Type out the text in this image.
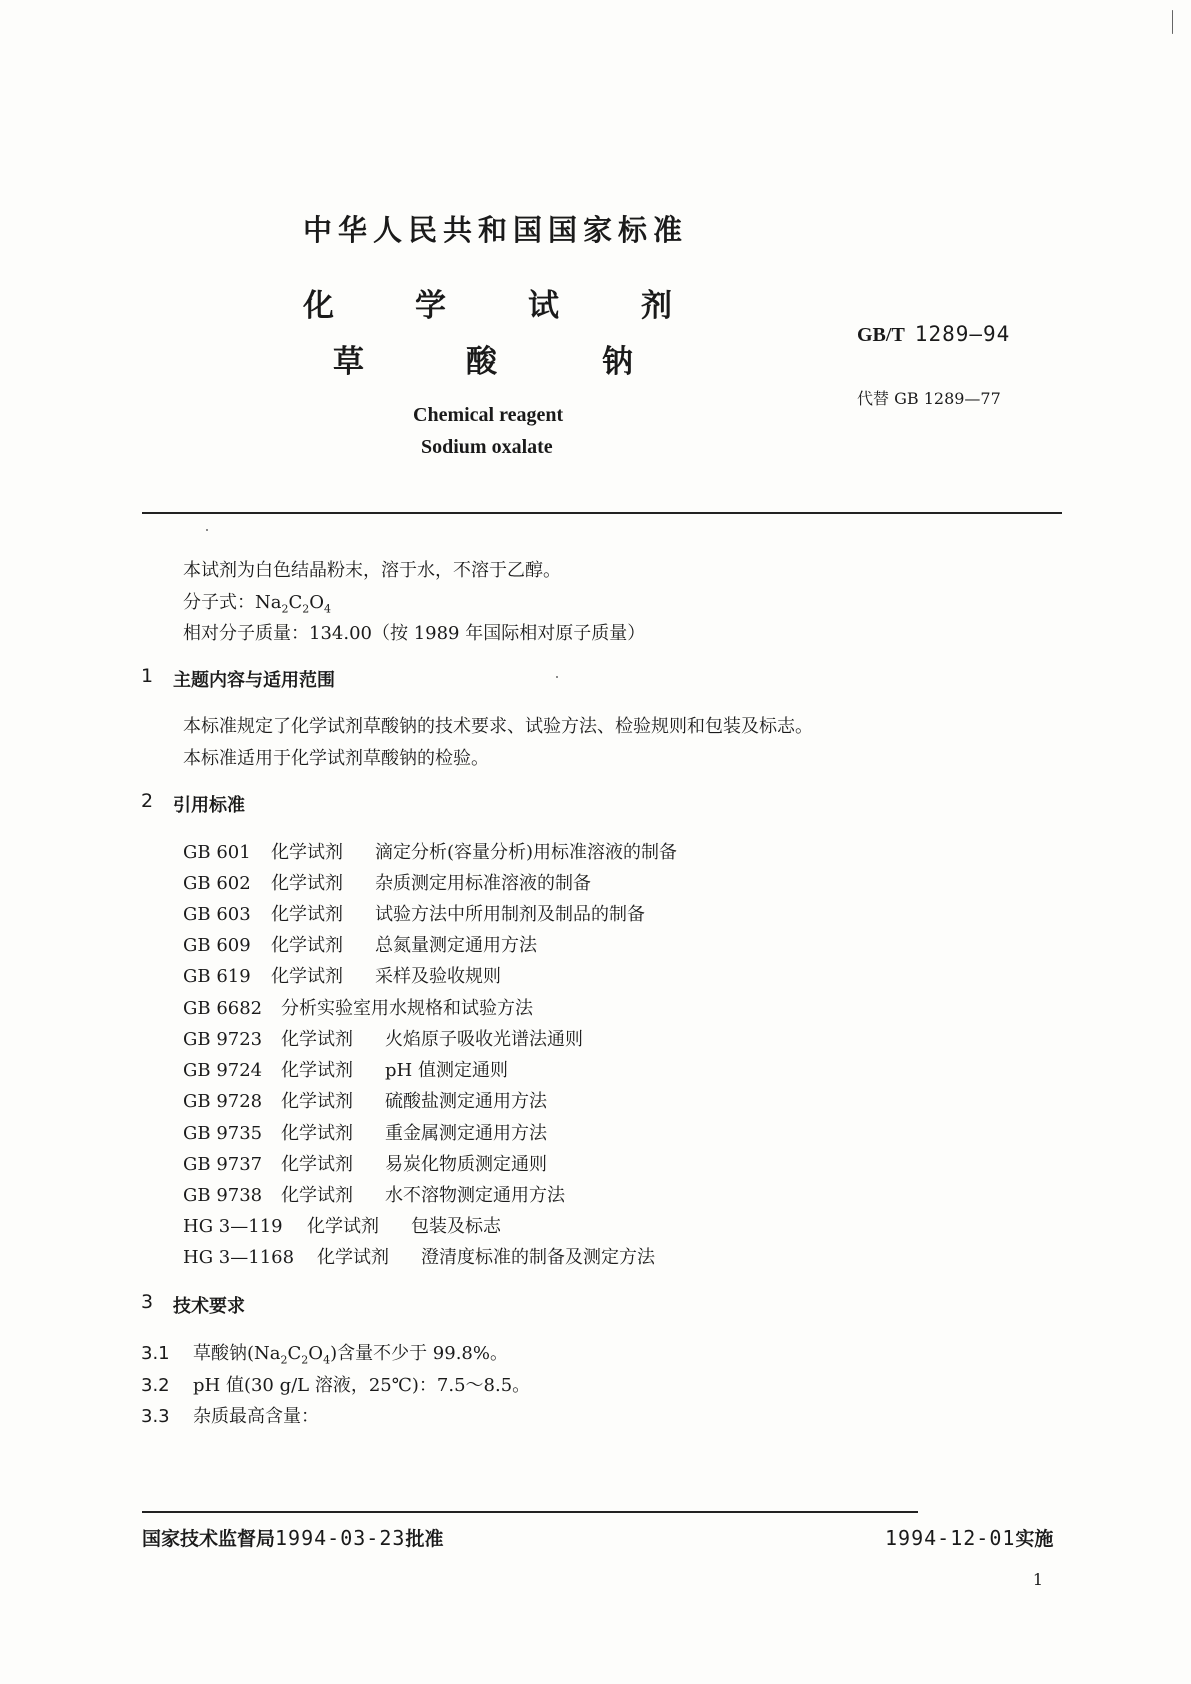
中华人民共和国国家标准
化	学	试	剂
草	酸	钠
Chemical reagent
Sodium oxalate
GB/T 1289—94
代替 GB 1289—77
本试剂为白色结晶粉末，溶于水，不溶于乙醇。
分子式：$Na_2C_2O_4$
相对分子质量：134.00（按 1989 年国际相对原子质量）
1 主题内容与适用范围
本标准规定了化学试剂草酸钠的技术要求、试验方法、检验规则和包装及标志。
本标准适用于化学试剂草酸钠的检验。
2 引用标准
GB 601 化学试剂 滴定分析(容量分析)用标准溶液的制备
GB 602 化学试剂 杂质测定用标准溶液的制备
GB 603 化学试剂 试验方法中所用制剂及制品的制备
GB 609 化学试剂 总氮量测定通用方法
GB 619 化学试剂 采样及验收规则
GB 6682 分析实验室用水规格和试验方法
GB 9723 化学试剂 火焰原子吸收光谱法通则
GB 9724 化学试剂 pH 值测定通则
GB 9728 化学试剂 硫酸盐测定通用方法
GB 9735 化学试剂 重金属测定通用方法
GB 9737 化学试剂 易炭化物质测定通则
GB 9738 化学试剂 水不溶物测定通用方法
HG 3—119 化学试剂 包装及标志
HG 3—1168 化学试剂 澄清度标准的制备及测定方法
3 技术要求
3.1 草酸钠$(Na_2C_2O_4)$含量不少于 99.8%。
3.2 pH 值(30 g/L 溶液，25℃)：7.5～8.5。
3.3 杂质最高含量：
国家技术监督局1994-03-23批准	1994-12-01实施
1
